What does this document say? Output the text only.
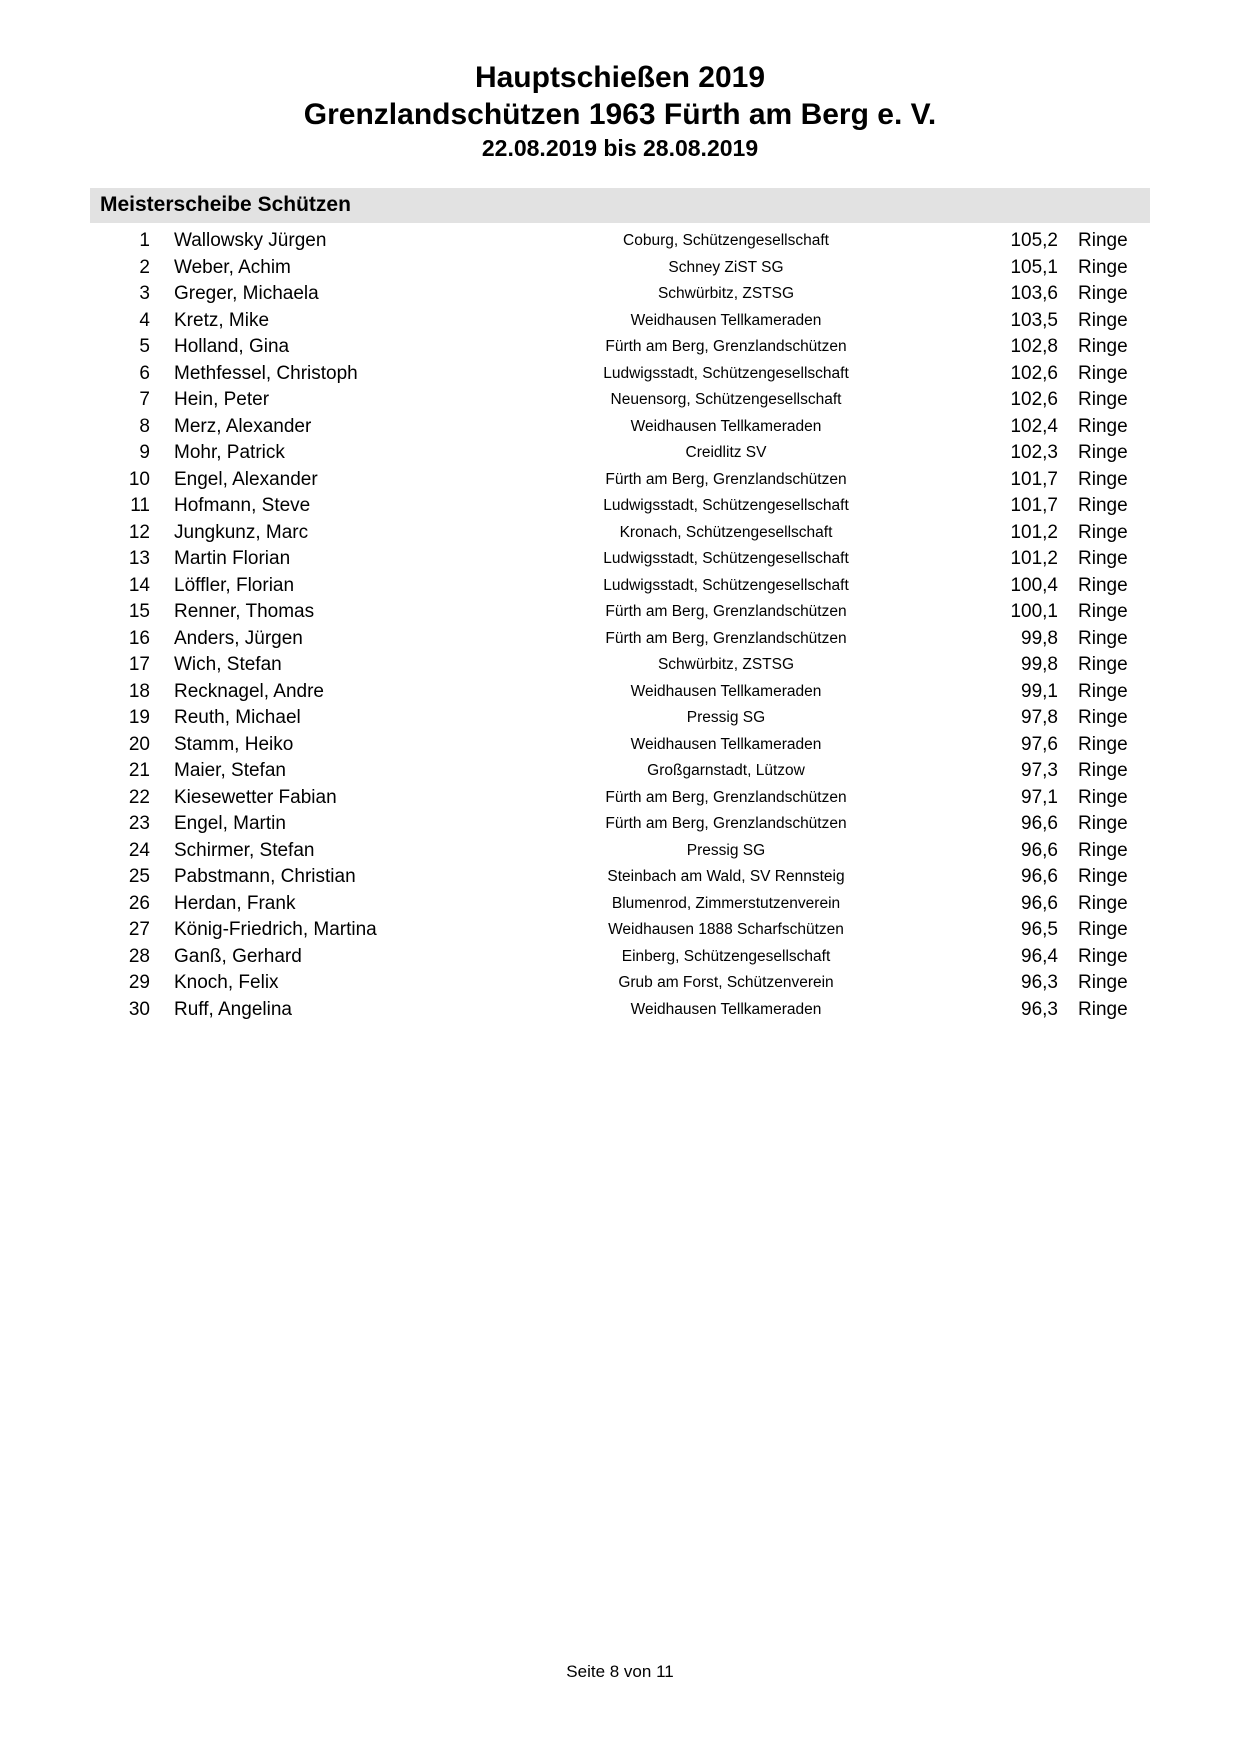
Hauptschießen 2019
Grenzlandschützen 1963 Fürth am Berg e. V.
22.08.2019 bis 28.08.2019
Meisterscheibe Schützen
1	Wallowsky Jürgen	Coburg, Schützengesellschaft	105,2	Ringe
2	Weber, Achim	Schney ZiST SG	105,1	Ringe
3	Greger, Michaela	Schwürbitz, ZSTSG	103,6	Ringe
4	Kretz, Mike	Weidhausen Tellkameraden	103,5	Ringe
5	Holland, Gina	Fürth am Berg, Grenzlandschützen	102,8	Ringe
6	Methfessel, Christoph	Ludwigsstadt, Schützengesellschaft	102,6	Ringe
7	Hein, Peter	Neuensorg, Schützengesellschaft	102,6	Ringe
8	Merz, Alexander	Weidhausen Tellkameraden	102,4	Ringe
9	Mohr, Patrick	Creidlitz SV	102,3	Ringe
10	Engel, Alexander	Fürth am Berg, Grenzlandschützen	101,7	Ringe
11	Hofmann, Steve	Ludwigsstadt, Schützengesellschaft	101,7	Ringe
12	Jungkunz, Marc	Kronach, Schützengesellschaft	101,2	Ringe
13	Martin Florian	Ludwigsstadt, Schützengesellschaft	101,2	Ringe
14	Löffler, Florian	Ludwigsstadt, Schützengesellschaft	100,4	Ringe
15	Renner, Thomas	Fürth am Berg, Grenzlandschützen	100,1	Ringe
16	Anders, Jürgen	Fürth am Berg, Grenzlandschützen	99,8	Ringe
17	Wich, Stefan	Schwürbitz, ZSTSG	99,8	Ringe
18	Recknagel, Andre	Weidhausen Tellkameraden	99,1	Ringe
19	Reuth, Michael	Pressig SG	97,8	Ringe
20	Stamm, Heiko	Weidhausen Tellkameraden	97,6	Ringe
21	Maier, Stefan	Großgarnstadt, Lützow	97,3	Ringe
22	Kiesewetter Fabian	Fürth am Berg, Grenzlandschützen	97,1	Ringe
23	Engel, Martin	Fürth am Berg, Grenzlandschützen	96,6	Ringe
24	Schirmer, Stefan	Pressig SG	96,6	Ringe
25	Pabstmann, Christian	Steinbach am Wald, SV Rennsteig	96,6	Ringe
26	Herdan, Frank	Blumenrod, Zimmerstutzenverein	96,6	Ringe
27	König-Friedrich, Martina	Weidhausen 1888 Scharfschützen	96,5	Ringe
28	Ganß, Gerhard	Einberg, Schützengesellschaft	96,4	Ringe
29	Knoch, Felix	Grub am Forst, Schützenverein	96,3	Ringe
30	Ruff, Angelina	Weidhausen Tellkameraden	96,3	Ringe
Seite 8 von 11
